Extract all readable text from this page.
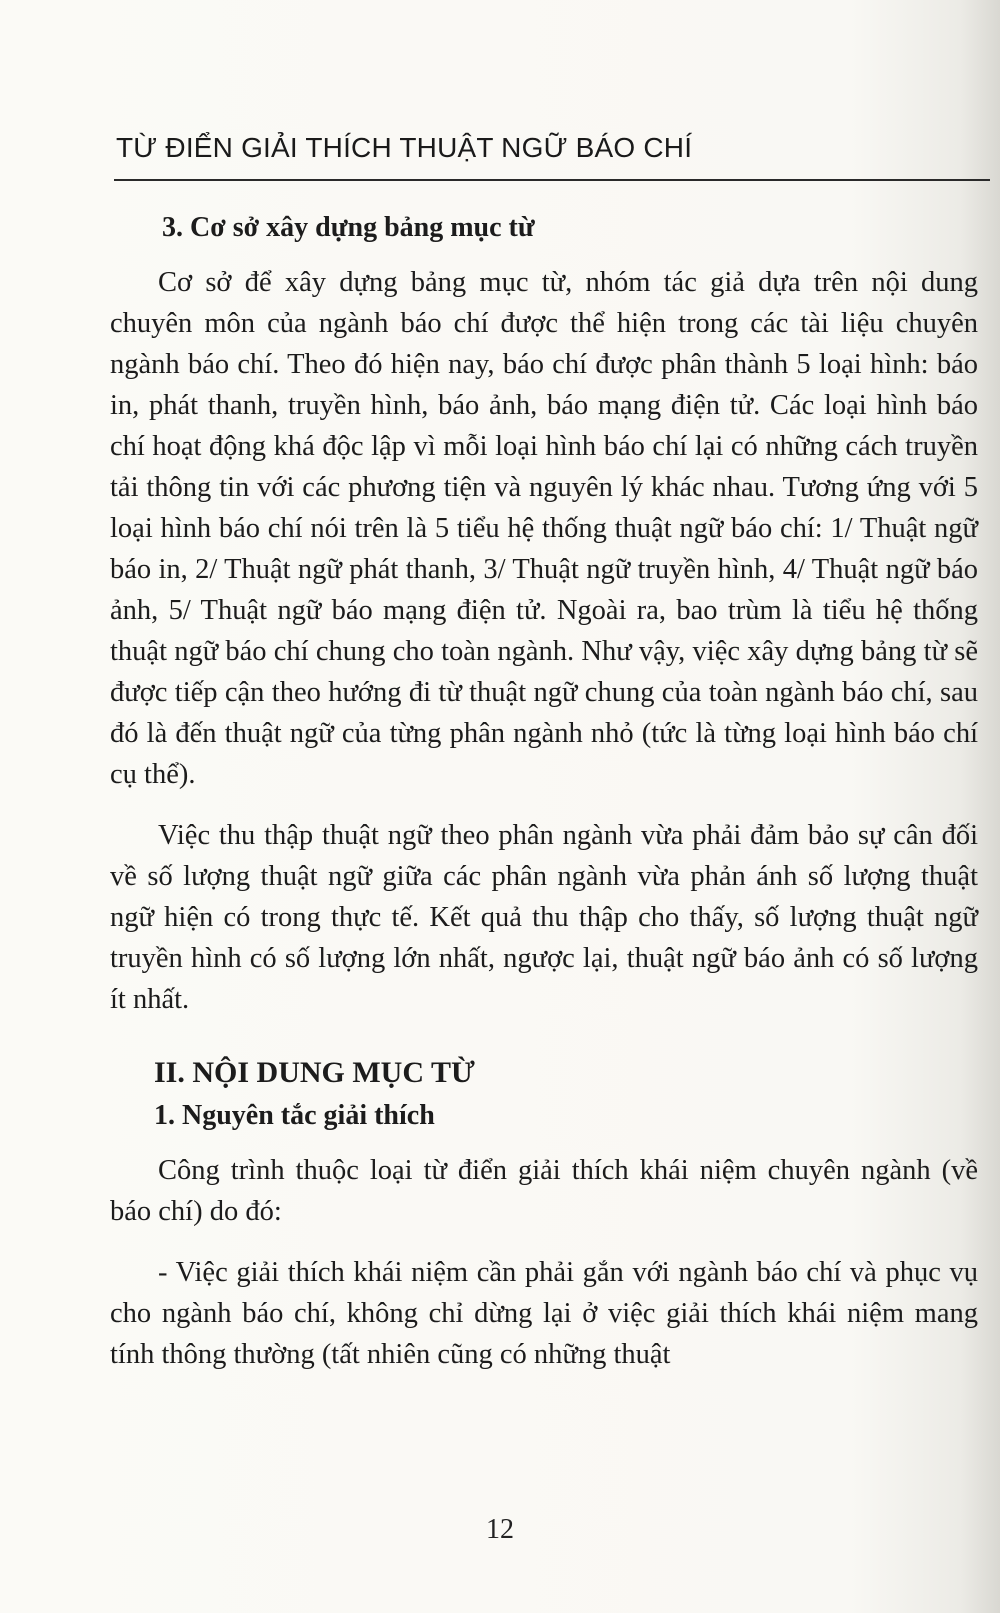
TỪ ĐIỂN GIẢI THÍCH THUẬT NGỮ BÁO CHÍ
3. Cơ sở xây dựng bảng mục từ

Cơ sở để xây dựng bảng mục từ, nhóm tác giả dựa trên nội dung chuyên môn của ngành báo chí được thể hiện trong các tài liệu chuyên ngành báo chí. Theo đó hiện nay, báo chí được phân thành 5 loại hình: báo in, phát thanh, truyền hình, báo ảnh, báo mạng điện tử. Các loại hình báo chí hoạt động khá độc lập vì mỗi loại hình báo chí lại có những cách truyền tải thông tin với các phương tiện và nguyên lý khác nhau. Tương ứng với 5 loại hình báo chí nói trên là 5 tiểu hệ thống thuật ngữ báo chí: 1/ Thuật ngữ báo in, 2/ Thuật ngữ phát thanh, 3/ Thuật ngữ truyền hình, 4/ Thuật ngữ báo ảnh, 5/ Thuật ngữ báo mạng điện tử. Ngoài ra, bao trùm là tiểu hệ thống thuật ngữ báo chí chung cho toàn ngành. Như vậy, việc xây dựng bảng từ sẽ được tiếp cận theo hướng đi từ thuật ngữ chung của toàn ngành báo chí, sau đó là đến thuật ngữ của từng phân ngành nhỏ (tức là từng loại hình báo chí cụ thể).

Việc thu thập thuật ngữ theo phân ngành vừa phải đảm bảo sự cân đối về số lượng thuật ngữ giữa các phân ngành vừa phản ánh số lượng thuật ngữ hiện có trong thực tế. Kết quả thu thập cho thấy, số lượng thuật ngữ truyền hình có số lượng lớn nhất, ngược lại, thuật ngữ báo ảnh có số lượng ít nhất.

II. NỘI DUNG MỤC TỪ
1. Nguyên tắc giải thích

Công trình thuộc loại từ điển giải thích khái niệm chuyên ngành (về báo chí) do đó:

- Việc giải thích khái niệm cần phải gắn với ngành báo chí và phục vụ cho ngành báo chí, không chỉ dừng lại ở việc giải thích khái niệm mang tính thông thường (tất nhiên cũng có những thuật

12
